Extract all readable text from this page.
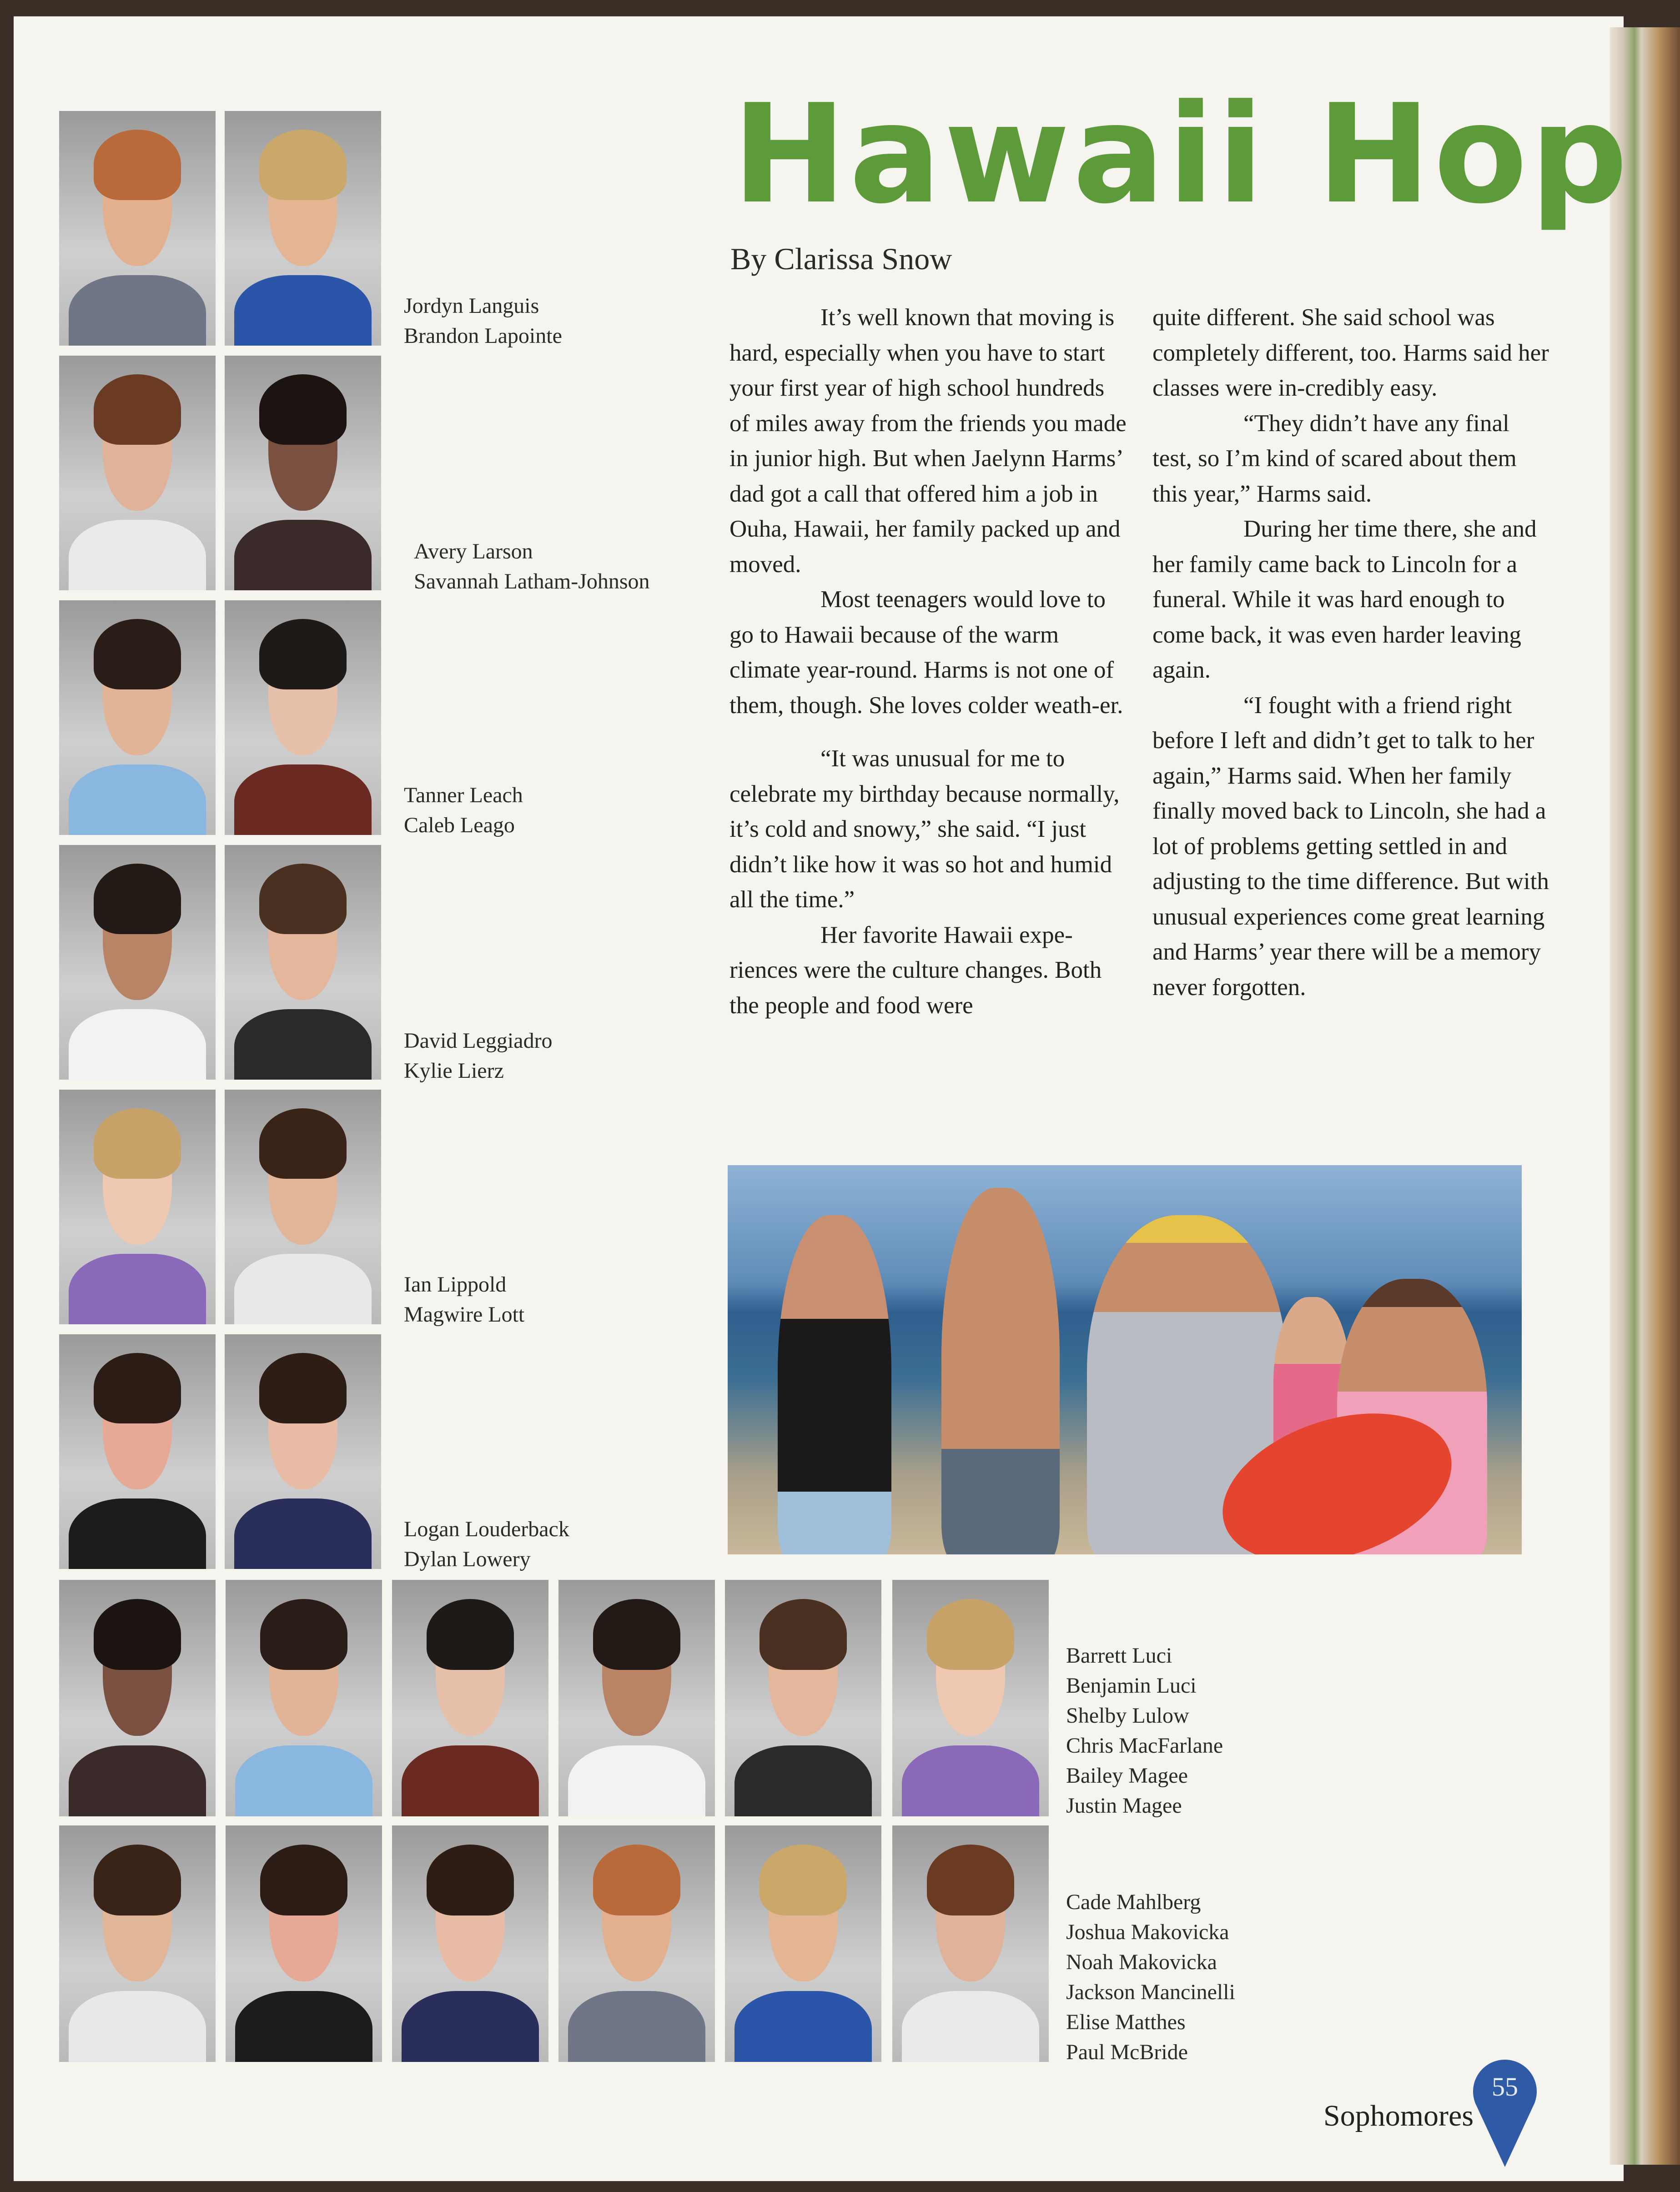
Barrett Luci
Benjamin Luci
Shelby Lulow
Chris MacFarlane
Bailey Magee
Justin Magee
Cade Mahlberg
Joshua Makovicka
Noah Makovicka
Jackson Mancinelli
Elise Matthes
Paul McBride
Hawaii Hop
By Clarissa Snow

It’s well known that moving is hard, especially when you have to start your first year of high school hundreds of miles away from the friends you made in junior high. But when Jaelynn Harms’ dad got a call that offered him a job in Ouha, Hawaii, her family packed up and moved.

Most teenagers would love to go to Hawaii because of the warm climate year-round. Harms is not one of them, though. She loves colder weath-er.

“It was unusual for me to celebrate my birthday because normally, it’s cold and snowy,” she said. “I just didn’t like how it was so hot and humid all the time.”

Her favorite Hawaii expe-riences were the culture changes. Both the people and food were

quite different. She said school was completely different, too. Harms said her classes were in-credibly easy.

“They didn’t have any final test, so I’m kind of scared about them this year,” Harms said.

During her time there, she and her family came back to Lincoln for a funeral. While it was hard enough to come back, it was even harder leaving again.

“I fought with a friend right before I left and didn’t get to talk to her again,” Harms said. When her family finally moved back to Lincoln, she had a lot of problems getting settled in and adjusting to the time difference. But with unusual experiences come great learning and Harms’ year there will be a memory never forgotten.

Sophomores
55
Jordyn Languis
Brandon Lapointe
Avery Larson
Savannah Latham-Johnson
Tanner Leach
Caleb Leago
David Leggiadro
Kylie Lierz
Ian Lippold
Magwire Lott
Logan Louderback
Dylan Lowery
